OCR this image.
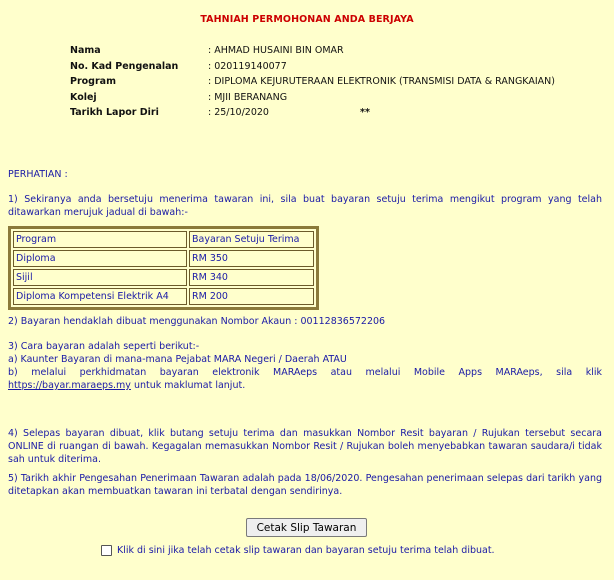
TAHNIAH PERMOHONAN ANDA BERJAYA
Nama	: AHMAD HUSAINI BIN OMAR
No. Kad Pengenalan	: 020119140077
Program	: DIPLOMA KEJURUTERAAN ELEKTRONIK (TRANSMISI DATA & RANGKAIAN)
Kolej	: MJII BERANANG
Tarikh Lapor Diri	: 25/10/2020	**
PERHATIAN :
1) Sekiranya anda bersetuju menerima tawaran ini, sila buat bayaran setuju terima mengikut program yang telah ditawarkan merujuk jadual di bawah:-
Program	Bayaran Setuju Terima
Diploma	RM 350
Sijil	RM 340
Diploma Kompetensi Elektrik A4	RM 200
2) Bayaran hendaklah dibuat menggunakan Nombor Akaun : 00112836572206
3) Cara bayaran adalah seperti berikut:-
a) Kaunter Bayaran di mana-mana Pejabat MARA Negeri / Daerah ATAU
b) melalui perkhidmatan bayaran elektronik MARAeps atau melalui Mobile Apps MARAeps, sila klik
https://bayar.maraeps.my untuk maklumat lanjut.
4) Selepas bayaran dibuat, klik butang setuju terima dan masukkan Nombor Resit bayaran / Rujukan tersebut secara ONLINE di ruangan di bawah. Kegagalan memasukkan Nombor Resit / Rujukan boleh menyebabkan tawaran saudara/i tidak sah untuk diterima.
5) Tarikh akhir Pengesahan Penerimaan Tawaran adalah pada 18/06/2020. Pengesahan penerimaan selepas dari tarikh yang ditetapkan akan membuatkan tawaran ini terbatal dengan sendirinya.
Cetak Slip Tawaran
Klik di sini jika telah cetak slip tawaran dan bayaran setuju terima telah dibuat.
